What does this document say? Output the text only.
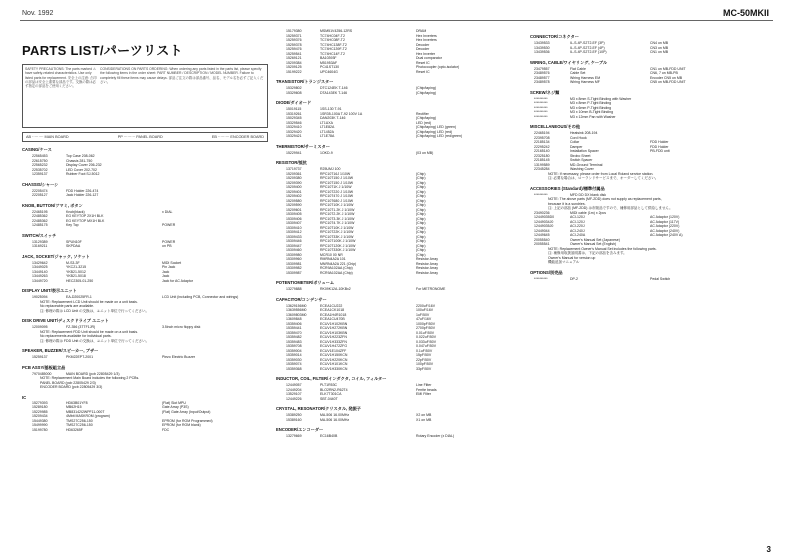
Nov. 1992	MC-50MKII
PARTS LIST/パーツリスト
SAFETY PRECAUTIONS: The parts marked ⚠ have safety-related characteristics. Use only listed parts for replacement. 安全上の注意: ⚠印の部品は安全上重要な部品です。交換の際は必ず指定の部品をご使用ください。
CONSIDERATIONS ON PARTS ORDERING: When ordering any parts listed in the parts list, please specify the following items in the order sheet: PART NUMBER / DESCRIPTION / MODEL NUMBER. Failure to completely fill these items may cause delays. 部品ご注文の際は部品番号、品名、モデル名を必ずご記入ください。
AB ········· MAIN BOARD	PP ········· PANEL BOARD	EB ········· ENCODER BOARD
CASING/ケース
22565453	Top Case 208-062
22615750	Chassis 281-750
22565232	Display Cover 206-232
22535702	LED Cover 202-702
12359137	Rubber Foot SJ-5012
CHASSIS/シャーシ
22205474	FDD Holder 226-474
22205127	Jack Holder 226-127
KNOB, BUTTON/ツマミ, ボタン
22465195	Knob(black)	x DIAL
22485362	EG KEYTOP 2X1H BLK
22485362	EG KEYTOP MX1H BLK
12485175	Key Top	POWER
SWITCH/スイッチ
13129389	SPUN10F	POWER
13169211	SKPDAA	on PB
JACK, SOCKET/ジャック, ソケット
13429642	M-S3-3F	MIDI Socket
13449025	YKC21-3215	Pin Jack
13449140	YKB21-5012	Jack
13449263	YKB21-5018	Jack
13449720	HEC2305-01-250	Jack for AC Adaptor
DISPLAY UNIT/表示ユニット
19025094	EA-D20025FR-1	LCD Unit (including PCB, Connector and wirings)
NOTE: Replacement LCD Unit should be made on a unit basis.
No replaceable parts are available.
注: 修理の際は LCD Unit の交換は、ユニット単位で行ってください。
DISK DRIVE UNIT/ディスクドライブ ユニット
12009095	FZ-356 (3TTF1JR)	3.5inch micro floppy disk
NOTE: Replacement FDD Unit should be made on a unit basis.
No replacements available for individual parts.
注: 修理の際は FDD Unit の交換は、ユニット単位で行ってください。
SPEAKER, BUZZER/スピーカー, ブザー
15259137	PKM22EPT-2001	Piezo Electric Buzzer
PCB ASSY/基板組立品
7970485000	MAIN BOARD (pcb 22805429 1/3)
NOTE: Replacement Main Board includes the following 2 PCBs.
PANEL BOARD (pcb 22805429 2/3)
ENCODER BOARD (pcb 22805429 3/3)
IC
15279393	HD63B01YF8	(Flat) Slot MPU
15289180	MB62H15	Gate Array (P3S)
15229985	MB83142I2WPF11-000T	(Flat) Gate Array (Input/Output)
15209434	4Mbit MASKROM (program)
15449380	TMS27C256-150	EPROM (for ROM Programmed)
15499990	TMS27C256-150	EPROM (for ROM blank)
15199780	HD63265F	FDC
15179380	MSM51V4256-12RS	DRAM
15259371	TC74HC04F-T2	Hex Inverters
15259376	TC74HC08F-T2	Hex Inverters
15259378	TC74HC138F-T2	Decoder
15259476	TC74HC139F-T2	Decoder
15259541	TC74HC14F-T2	Hex Inverter
15269121	BA10393F	Dual comparator
15209384	M51953AF	Reset IC
15209125	PC41ST130	Photocoupler (opto-isolator)
15199222	UPC4604G	Reset IC
TRANSISTOR/トランジスター
15329802	DTC124EK T-146	(Chip/taping)
15329608	DTA143EK T-146	(Chip/taping)
DIODE/ダイオード
15019115	1SS-130 T-91
15319261	1SR35-100A T-92 100V 1A	Rectifier
15029345	DAN203K T-146	(Chip/taping)
15329546	LT1UXA	LED (red)
15329410	LT1E82A	(Chip/taping) LED (green)
15329420	LT1452A	(Chip/taping) LED (red)
15329421	LT1E78A	(Chip/taping) LED (red/green)
THERMISTOR/サーミスター
15229941	1OKD-9	(03 on MB)
RESISTOR/抵抗
13719737	R25UMJ 100
15209361	RPC10T16J 1/10W	(Chip)
15209380	RPC10T150 J 1/10W	(Chip)
15209390	RPC10T150 J 1/10W	(Chip)
15209400	RPC10T1K J 1/10W	(Chip)
15209401	RPC10T220 J 1/10W	(Chip)
15209402	RPC10T470 J 1/10W	(Chip)
15209580	RPC10T680 J 1/10W	(Chip)
15209590	RPC10T10K J 1/10W	(Chip)
15209601	RPC10T1.2K J 1/10W	(Chip)
15309405	RPC10T2.2K J 1/10W	(Chip)
15309406	RPC10T3.3K J 1/10W	(Chip)
15309407	RPC10T4.7K J 1/10W	(Chip)
15309410	RPC10T10K J 1/10W	(Chip)
15309412	RPC10T22K J 1/10W	(Chip)
15309433	RPC10T33K J 1/10W	(Chip)
15309446	RPC10T100K J 1/10W	(Chip)
15309447	RPC10T120K J 1/10W	(Chip)
15309460	RPC10T330K J 1/10W	(Chip)
15309980	MCR10 00 NR	(Chip)
15309960	RMRN4A2A 101	Resistor Array
15309981	MNRN4A2A 221 (Chip)	Resistor Array
15309982	RCR9A102AA (Chip)	Resistor Array
15309987	RCR9A102AA (Chip)	Resistor Array
POTENTIOMETER/ボリューム
13279888	RK09K12A-10KBx2	For METRONOME
CAPACITOR/コンデンサー
13629156M0	ECEA1CU222	2200uF/16V
13639556M0	ECEA1CK1018	100uF/16V
13609803M0	ECEA1H4R1018	1uF/50V
13609848	ECEA1CU470B	47uF/16V
15359406	ECUV1H102KBN	1000pF/50V
15359441	ECUV1H272KBN	2700pF/50V
15359470	ECUV1H103KBN	0.01uF/50V
15359482	ECUV1H223ZFN	0.022uF/50V
15359483	ECUV1H333ZFN	0.033uF/50V
15359708	ECUV1H472ZFG	0.047uF/50V
15359004	ECUV1E104ZFF	0.1uF/50V
15359014	ECUV1H150KCN	15pF/50V
15359030	ECUV1H220KCN	22pF/50V
15359074	ECUV1H101KCN	100pF/50V
15359368	ECUV1H330KCN	33pF/50V
INDUCTOR, COIL, FILTER/インダクタ, コイル, フィルター
12449057	PLT1R53C	Line Filter
12449204	BLO2RN2-R62T4	Ferrite beads
13529107	ELK7T301CA	EMI Filter
12449226	SBT-0440T
CRYSTAL, RESONATOR/クリスタル, 発振子
15389250	MA-506 16.00MHz	X2 on MB
15389160	MA-506 16.00MHz	X1 on MB
ENCODER/エンコーダー
13279669	EC16B40B	Rotary Encoder (x DIAL)
CONNECTOR/コネクター
13439533	IL-S-4P-S2T2-EF (3P)	CN4 on MB
13439530	IL-S-4P-S2T2-EF (4P)	CN3 on MB
13439536	IL-S-4P-S2T2-EF (10P)	CN1 on MB
WIRING, CABLE/ワイヤリング, ケーブル
23479557	Flat Cable	CN1 on MB-FDD UNIT
23489576	Cable Set	CN6, 7 on MB-PB
23489577	Wiring Harness EM	Encoder CN5 on MB
23489578	Wiring Harness MF	CN5 on MB-FDD UNIT
SCREW/ネジ類
**********	M3 x 8mm S-Tight Binding with Washer
**********	M3 x 8mm P-Tight Binding
**********	M3 x 6mm P-Tight Binding
**********	M3 x 10mm B-Tight Binding
**********	M3 x 12mm Pan with Washer
MISCELLANEOUS/その他
22465194	Heatsink 208-194
22395708	Cord Hook
22185134	Collar	FDD Holder
22295242	Damper	FDD Holder
22165140	Installation Spacer	PB-FDD unit
22325180	Strobo Sheet
22185145	Switch Spacer
13199589	MD-Ground Terminal
22345284	Washing Cover
NOTE: If necessary, please order from Local Roland service station.
注: 必要な場合は、ローランドサービスまで、オーダーしてください。
ACCESSORIES (Standard)/標準付属品
**********	MFD DD DX blank disk
NOTE: The above parts (MF-2DD) does not supply as replacement parts,
because it is a sundries.
注: 上記の部品 (MF-2DD) は市販品ですので、補修用部品として供給しません。
23490236	MIDI cable (1m) x 2pcs
12449035D0	ACI-120J	AC Adaptor (120V)
12449034J0	ACI-120J	AC Adaptor (117V)
12449035J0	ACI-220J	AC Adaptor (220V)
12449044	ACI-240J	AC Adaptor (240V)
12449645	ACI-240A	AC Adaptor (240V A)
20055540	Owner's Manual Set (Japanese)
20055541	Owner's Manual Set (English)
NOTE: Replacement Owner's Manual Set includes the following parts.
注: 補修用取扱説明書は、下記の部品を含みます。
Owner's Manual for version up
機能追加マニュアル
OPTIONS/別売品
**********	DP-2	Pedal Switch
3
